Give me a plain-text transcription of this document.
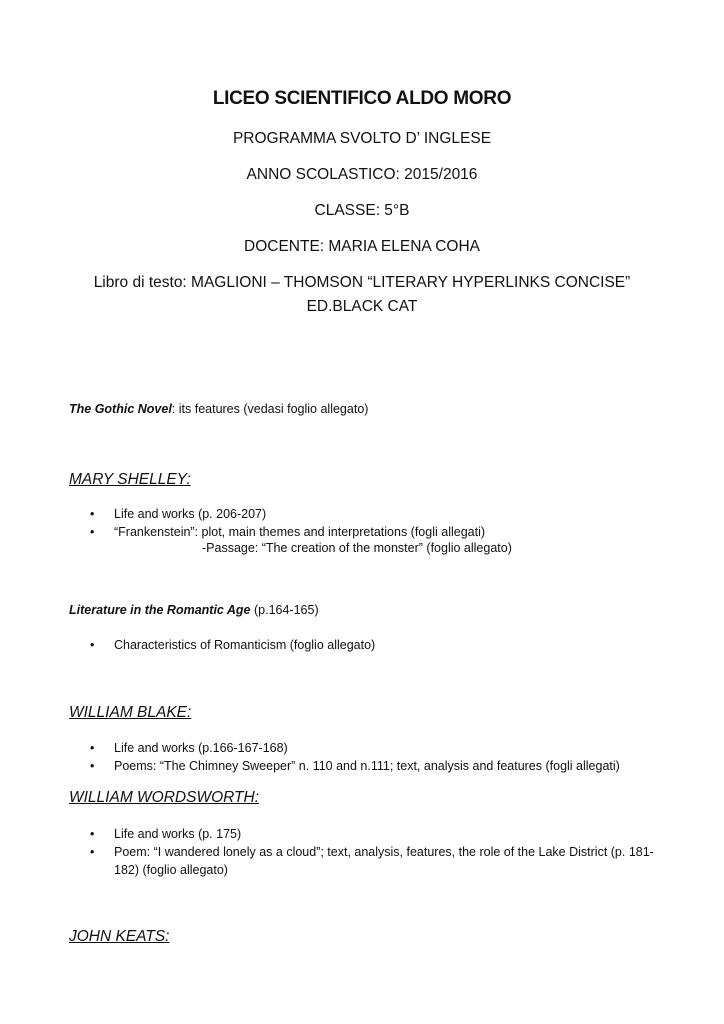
LICEO SCIENTIFICO ALDO MORO
PROGRAMMA SVOLTO D’ INGLESE
ANNO SCOLASTICO: 2015/2016
CLASSE: 5°B
DOCENTE: MARIA ELENA COHA
Libro di testo: MAGLIONI – THOMSON “LITERARY HYPERLINKS CONCISE”
ED.BLACK CAT
The Gothic Novel: its features (vedasi foglio allegato)
MARY SHELLEY:
• Life and works (p. 206-207)
• “Frankenstein”: plot, main themes and interpretations (fogli allegati)
-Passage: “The creation of the monster” (foglio allegato)
Literature in the Romantic Age (p.164-165)
• Characteristics of Romanticism (foglio allegato)
WILLIAM BLAKE:
• Life and works (p.166-167-168)
• Poems: “The Chimney Sweeper” n. 110 and n.111; text, analysis and features (fogli allegati)
WILLIAM WORDSWORTH:
• Life and works (p. 175)
• Poem: “I wandered lonely as a cloud”; text, analysis, features, the role of the Lake District (p. 181-182) (foglio allegato)
JOHN KEATS:
